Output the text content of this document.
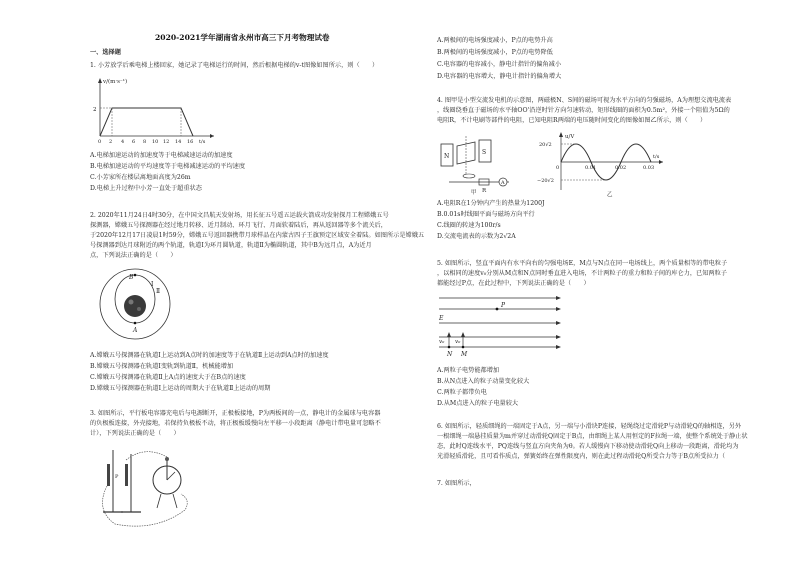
2020-2021学年湖南省永州市高三下月考物理试卷
一、选择题
1. 小芳放学后乘电梯上楼回家，她记录了电梯运行的时间，然后根据电梯的v-t图像如图所示，则（　　）
v/(m·s⁻¹)
2
0 2 4 6 8 10 12 14 16 t/s
A.电梯加速运动的加速度等于电梯减速运动的加速度
B.电梯加速运动的平均速度等于电梯减速运动的平均速度
C.小芳家所在楼层离地面高度为26m
D.电梯上升过程中小芳一直处于超重状态
2. 2020年11月24日4时30分，在中国文昌航天发射场，用长征五号遥五运载火箭成功发射探月工程嫦娥五号
探测器，嫦娥五号探测器在经过地月转移、近月制动、环月飞行、月面软着陆后，再从返回器等多个流关后，
于2020年12月17日凌晨1时59分，嫦娥五号返回器携带月球样品在内蒙古四子王旗预定区域安全着陆。如图所示是嫦娥五
号探测器到达月球附近的两个轨道，轨道Ⅰ为环月圆轨道，轨道Ⅱ为椭圆轨道，其中B为远月点，A为近月
点，下列说法正确的是（　　）
B
A
Ⅰ
Ⅱ
A.嫦娥五号探测器在轨道Ⅰ上运动到A点时的加速度等于在轨道Ⅱ上运动到A点时的加速度
B.嫦娥五号探测器在轨道Ⅰ变轨到轨道Ⅱ，机械能增加
C.嫦娥五号探测器在轨道Ⅱ上A点的速度大于在B点的速度
D.嫦娥五号探测器在轨道Ⅰ上运动的周期大于在轨道Ⅱ上运动的周期
3. 如图所示，平行板电容器充电后与电源断开，正极板接地，P为两板间的一点，静电计的金属球与电容器
的负极板连接，外壳接地，若保持负极板不动，将正极板缓慢向左平移一小段距离（静电计带电量可忽略不
计），下列说法正确的是（　　）
P
A.两极间的电场强度减小，P点的电势升高
B.两极间的电场强度减小，P点的电势降低
C.电容器的电容减小，静电计指针的偏角减小
D.电容器的电容增大，静电计指针的偏角增大
4. 图甲是小型交流发电机的示意图，两磁极N、S间的磁场可视为水平方向的匀强磁场，A为理想交流电流表
，线圈绕垂直于磁场的水平轴OO'沿逆时针方向匀速转动，矩形线圈的面积为0.5m²，外接一个阻值为5Ω的
电阻R，不计电刷等部件的电阻，已知电阻R两端的电压随时间变化的图像如图乙所示，则（　　）
N
S
R
A
甲
u/V
20√2
−20√2
0	0.01	0.02	0.03
t/s
乙
A.电阻R在1分钟内产生的热量为1200J
B.0.01s时线圈平面与磁场方向平行
C.线圈的转速为100r/s
D.交流电流表的示数为2√2A
5. 如图所示，竖直平面内有水平向右的匀强电场E，M点与N点在同一电场线上，两个质量相等的带电粒子
，以相同的速度v₀分别从M点和N点同时垂直进入电场，不计两粒子的重力和粒子间的库仑力，已知两粒子
都能经过P点，在此过程中，下列说法正确的是（　　）
P
E
v₀ v₀
N M
A.两粒子电势能都增加
B.从N点进入的粒子动量变化较大
C.两粒子都带负电
D.从M点进入的粒子电量较大
6. 如图所示，轻质细绳的一端固定于A点，另一端与小滑块P连接，轻绳绕过定滑轮P与动滑轮Q的轴相连，另外
一根细绳一端悬挂质量为m并穿过动滑轮Q固定于B点，由细绳上某人用恒定的F拉绳一端，使整个系统处于静止状
态，此时Q连线水平，PQ连线与竖直方向夹角为θ。若人缓慢向下移动使动滑轮Q向上移动一段距离，滑轮均为
光滑轻质滑轮，且可看作质点，弹簧始终在弹性限度内，则在此过程动滑轮Q所受合力等于B点所受拉力（
7. 如图所示，
